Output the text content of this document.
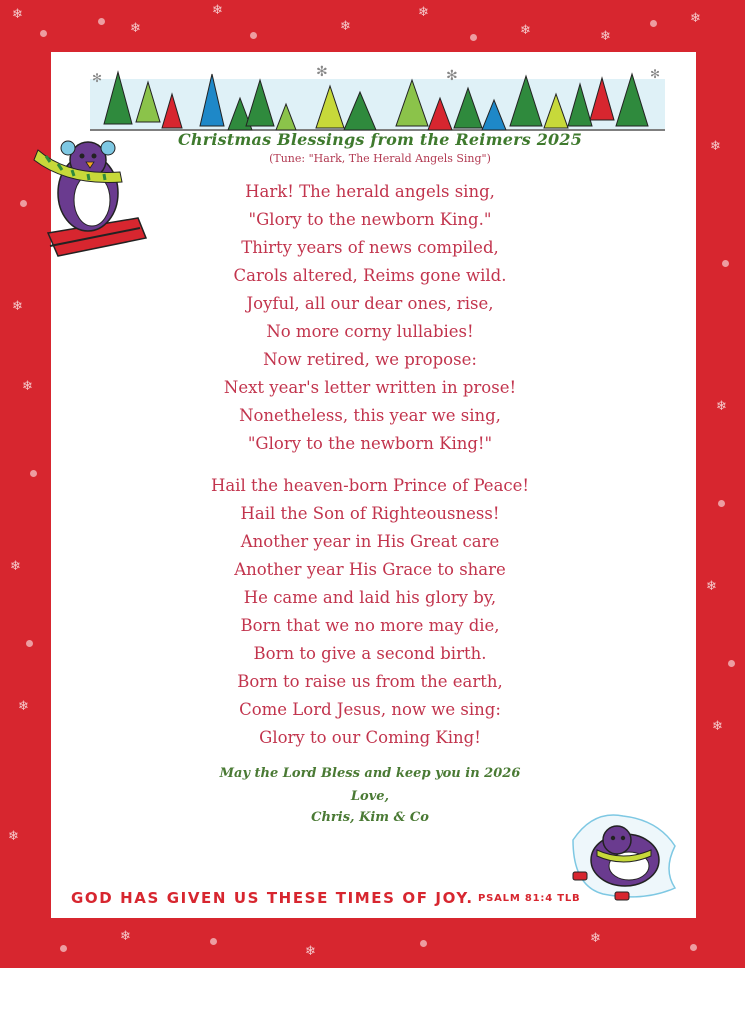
❄
❄
❄
❄
❄
❄	❄
❄
❄
❄
❄
❄
❄
❄
❄
❄
❄
❄
❄
❄
✻	✻	✻	✻
Christmas Blessings from the Reimers 2025
(Tune: "Hark, The Herald Angels Sing")
Hark! The herald angels sing,
"Glory to the newborn King."
Thirty years of news compiled,
Carols altered, Reims gone wild.
Joyful, all our dear ones, rise,
No more corny lullabies!
Now retired, we propose:
Next year's letter written in prose!
Nonetheless, this year we sing,
"Glory to the newborn King!"
Hail the heaven-born Prince of Peace!
Hail the Son of Righteousness!
Another year in His Great care
Another year His Grace to share
He came and laid his glory by,
Born that we no more may die,
Born to give a second birth.
Born to raise us from the earth,
Come Lord Jesus, now we sing:
Glory to our Coming King!
May the Lord Bless and keep you in 2026
Love,
Chris, Kim & Co
GOD HAS GIVEN US THESE TIMES OF JOY. PSALM 81:4 TLB
